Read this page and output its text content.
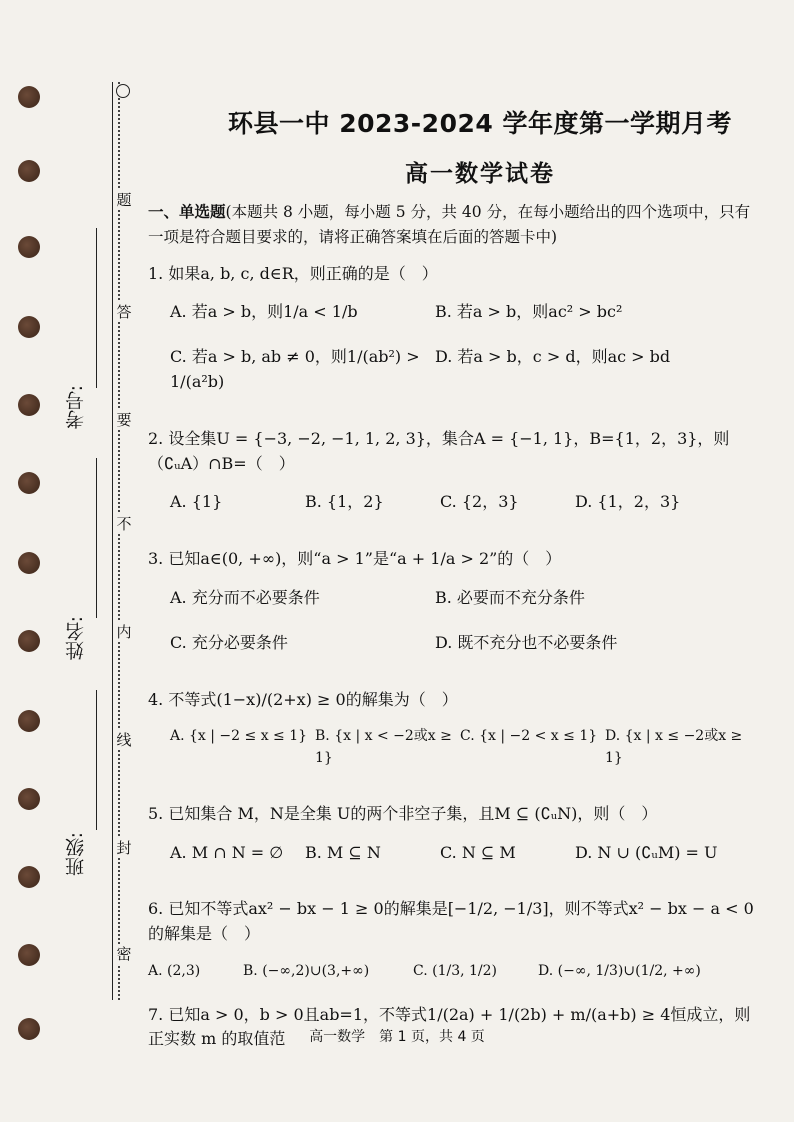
题
答
要
不
内
线
封
密
考号:
姓名:
班级:
环县一中 2023-2024 学年度第一学期月考
高一数学试卷
一、单选题(本题共 8 小题，每小题 5 分，共 40 分，在每小题给出的四个选项中，只有一项是符合题目要求的，请将正确答案填在后面的答题卡中)
1. 如果a, b, c, d∈R，则正确的是（　）
A. 若a > b，则1/a < 1/b	B. 若a > b，则ac² > bc²
C. 若a > b, ab ≠ 0，则1/(ab²) > 1/(a²b)
D. 若a > b，c > d，则ac > bd
2. 设全集U = {−3, −2, −1, 1, 2, 3}，集合A = {−1, 1}，B={1，2，3}，则（∁ᵤA）∩B=（　）
A. {1}	B. {1，2}	C. {2，3}	D. {1，2，3}
3. 已知a∈(0, +∞)，则“a > 1”是“a + 1/a > 2”的（　）
A. 充分而不必要条件	B. 必要而不充分条件
C. 充分必要条件	D. 既不充分也不必要条件
4. 不等式(1−x)/(2+x) ≥ 0的解集为（　）
A. {x | −2 ≤ x ≤ 1} B. {x | x < −2或x ≥ 1}
C. {x | −2 < x ≤ 1} D. {x | x ≤ −2或x ≥ 1}
5. 已知集合 M，N是全集 U的两个非空子集，且M ⊆ (∁ᵤN)，则（　）
A. M ∩ N = ∅	B. M ⊆ N	C. N ⊆ M	D. N ∪ (∁ᵤM) = U
6. 已知不等式ax² − bx − 1 ≥ 0的解集是[−1/2, −1/3]，则不等式x² − bx − a < 0的解集是（　）
A. (2,3)	B. (−∞,2)∪(3,+∞)	C. (1/3, 1/2)	D. (−∞, 1/3)∪(1/2, +∞)
7. 已知a > 0，b > 0且ab=1，不等式1/(2a) + 1/(2b) + m/(a+b) ≥ 4恒成立，则正实数 m 的取值范	高一数学　第 1 页，共 4 页
